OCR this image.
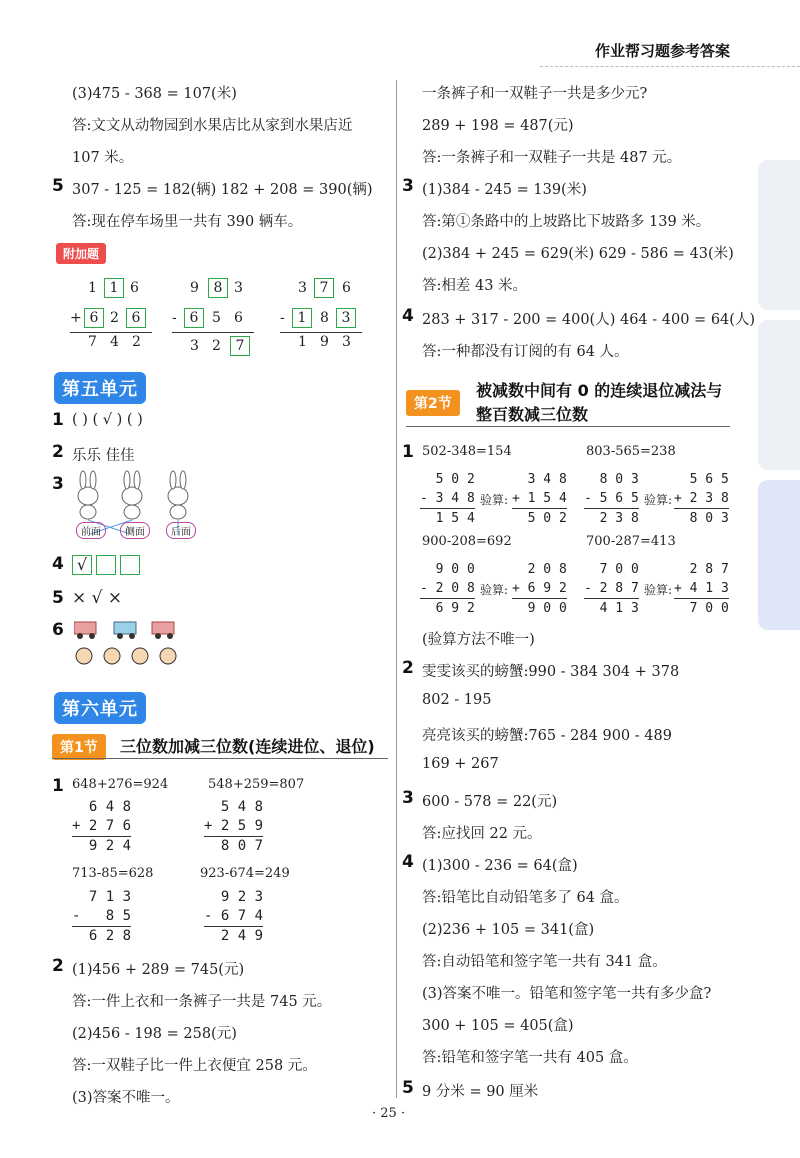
作业帮习题参考答案
(3)475 - 368 = 107(米)
答:文文从动物园到水果店比从家到水果店近
107 米。
5 307 - 125 = 182(辆) 182 + 208 = 390(辆)
答:现在停车场里一共有 390 辆车。
附加题
1 1 6
+ 6 2 6
7 4 2
9	8 3
- 6 5 6
3 2	7
3 7 6
- 1 8 3
1 9 3
第五单元
1 ( ) ( √ ) ( )
2 乐乐 佳佳
3
前面	侧面	后面
4 √
5 × √ ×
6
第六单元
第1节	三位数加减三位数(连续进位、退位)
1 648+276=924	548+259=807
6 4 8
+ 2 7 6
9 2 4
5 4 8
+ 2 5 9
8 0 7
713-85=628	923-674=249
7 1 3
-   8 5
6 2 8
9 2 3
- 6 7 4
2 4 9
2 (1)456 + 289 = 745(元)
答:一件上衣和一条裤子一共是 745 元。
(2)456 - 198 = 258(元)
答:一双鞋子比一件上衣便宜 258 元。
(3)答案不唯一。
一条裤子和一双鞋子一共是多少元?
289 + 198 = 487(元)
答:一条裤子和一双鞋子一共是 487 元。
3 (1)384 - 245 = 139(米)
答:第①条路中的上坡路比下坡路多 139 米。
(2)384 + 245 = 629(米) 629 - 586 = 43(米)
答:相差 43 米。
4 283 + 317 - 200 = 400(人) 464 - 400 = 64(人)
答:一种都没有订阅的有 64 人。
第2节
被减数中间有 0 的连续退位减法与
整百数减三位数
1 502-348=154	803-565=238
5 0 2
- 3 4 8
1 5 4
验算:
3 4 8
+ 1 5 4
5 0 2
8 0 3
- 5 6 5
2 3 8
验算:
5 6 5
+ 2 3 8
8 0 3
900-208=692	700-287=413
9 0 0
- 2 0 8
6 9 2
验算:
2 0 8
+ 6 9 2
9 0 0
7 0 0
- 2 8 7
4 1 3
验算:
2 8 7
+ 4 1 3
7 0 0
(验算方法不唯一)
2 雯雯该买的螃蟹:990 - 384 304 + 378
802 - 195
亮亮该买的螃蟹:765 - 284 900 - 489
169 + 267
3 600 - 578 = 22(元)
答:应找回 22 元。
4 (1)300 - 236 = 64(盒)
答:铅笔比自动铅笔多了 64 盒。
(2)236 + 105 = 341(盒)
答:自动铅笔和签字笔一共有 341 盒。
(3)答案不唯一。铅笔和签字笔一共有多少盒?
300 + 105 = 405(盒)
答:铅笔和签字笔一共有 405 盒。
5 9 分米 = 90 厘米
· 25 ·
